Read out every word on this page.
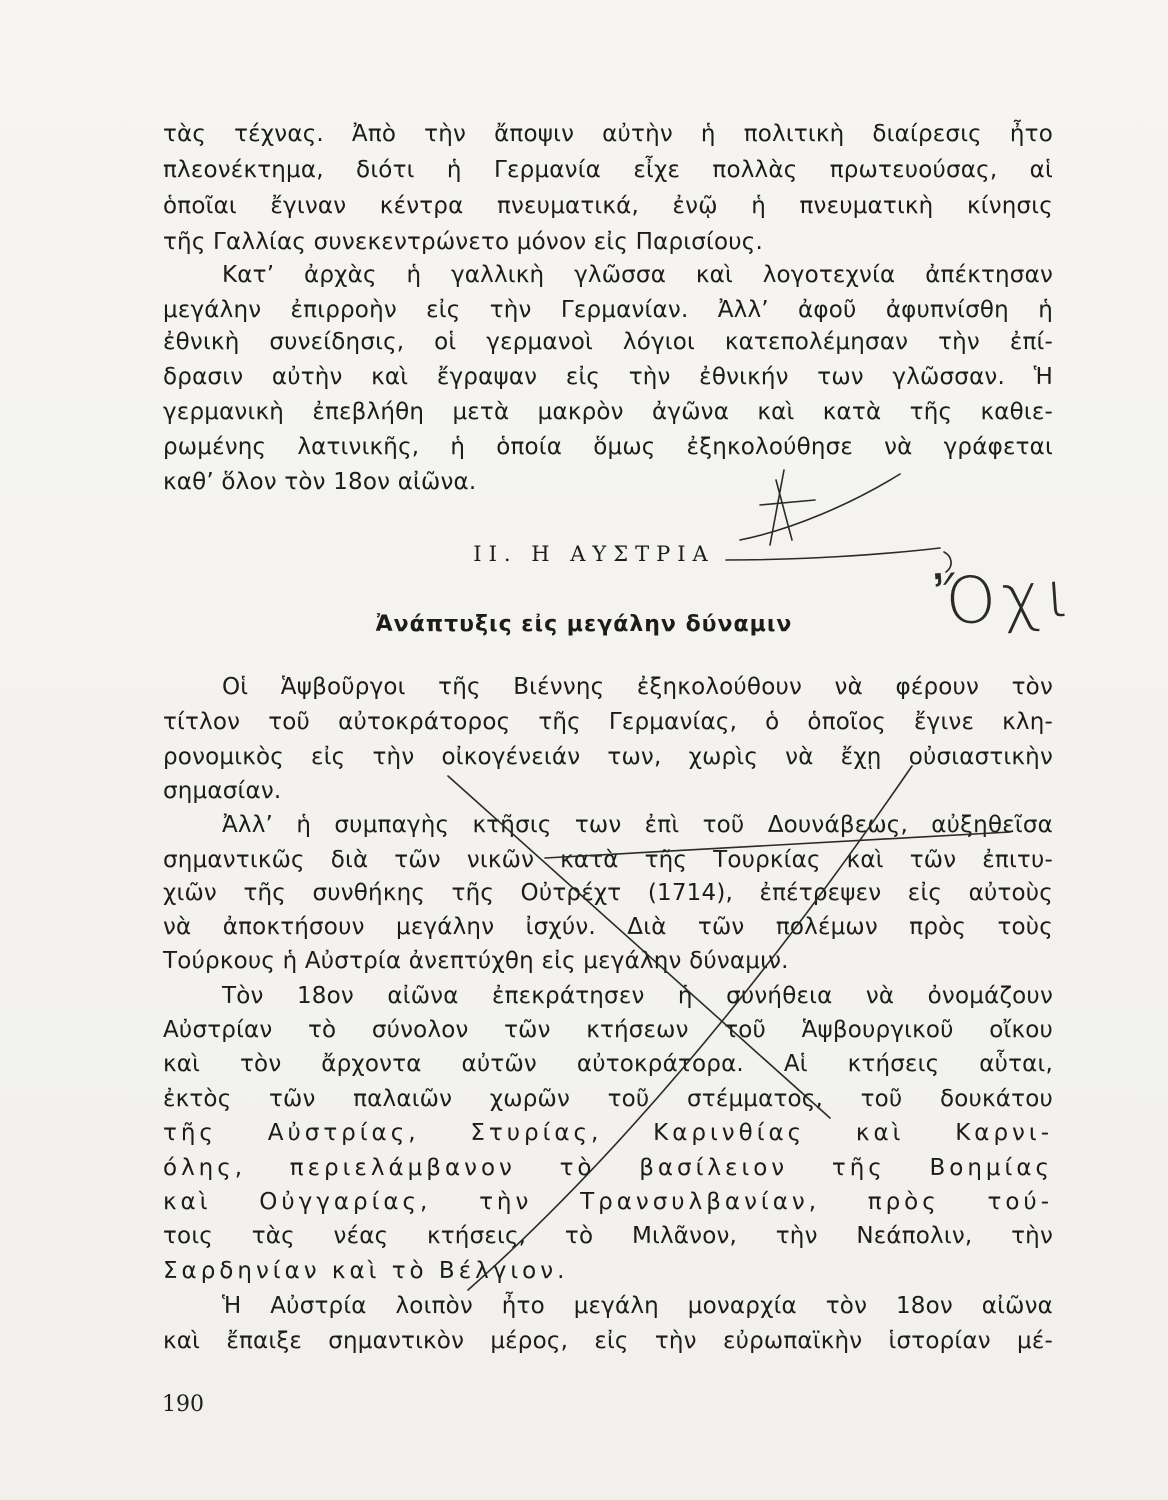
τὰς τέχνας. Ἀπὸ τὴν ἄποψιν αὐτὴν ἡ πολιτικὴ διαίρεσις ἦτο
πλεονέκτημα, διότι ἡ Γερμανία εἶχε πολλὰς πρωτευούσας, αἱ
ὁποῖαι ἔγιναν κέντρα πνευματικά, ἐνῷ ἡ πνευματικὴ κίνησις
τῆς Γαλλίας συνεκεντρώνετο μόνον εἰς Παρισίους.
Κατ’ ἀρχὰς ἡ γαλλικὴ γλῶσσα καὶ λογοτεχνία ἀπέκτησαν
μεγάλην ἐπιρροὴν εἰς τὴν Γερμανίαν. Ἀλλ’ ἀφοῦ ἀφυπνίσθη ἡ
ἐθνικὴ συνείδησις, οἱ γερμανοὶ λόγιοι κατεπολέμησαν τὴν ἐπί-
δρασιν αὐτὴν καὶ ἔγραψαν εἰς τὴν ἐθνικήν των γλῶσσαν. Ἡ
γερμανικὴ ἐπεβλήθη μετὰ μακρὸν ἀγῶνα καὶ κατὰ τῆς καθιε-
ρωμένης λατινικῆς, ἡ ὁποία ὅμως ἐξηκολούθησε νὰ γράφεται
καθ’ ὅλον τὸν 18ον αἰῶνα.
II. Η ΑΥΣΤΡΙΑ
Ἀνάπτυξις εἰς μεγάλην δύναμιν
Οἱ Ἁψβοῦργοι τῆς Βιέννης ἐξηκολούθουν νὰ φέρουν τὸν
τίτλον τοῦ αὐτοκράτορος τῆς Γερμανίας, ὁ ὁποῖος ἔγινε κλη-
ρονομικὸς εἰς τὴν οἰκογένειάν των, χωρὶς νὰ ἔχῃ οὐσιαστικὴν
σημασίαν.
Ἀλλ’ ἡ συμπαγὴς κτῆσις των ἐπὶ τοῦ Δουνάβεως, αὐξηθεῖσα
σημαντικῶς διὰ τῶν νικῶν κατὰ τῆς Τουρκίας καὶ τῶν ἐπιτυ-
χιῶν τῆς συνθήκης τῆς Οὐτρέχτ (1714), ἐπέτρεψεν εἰς αὐτοὺς
νὰ ἀποκτήσουν μεγάλην ἰσχύν. Διὰ τῶν πολέμων πρὸς τοὺς
Τούρκους ἡ Αὐστρία ἀνεπτύχθη εἰς μεγάλην δύναμιν.
Τὸν 18ον αἰῶνα ἐπεκράτησεν ἡ συνήθεια νὰ ὀνομάζουν
Αὐστρίαν τὸ σύνολον τῶν κτήσεων τοῦ Ἁψβουργικοῦ οἴκου
καὶ τὸν ἄρχοντα αὐτῶν αὐτοκράτορα. Αἱ κτήσεις αὗται,
ἐκτὸς τῶν παλαιῶν χωρῶν τοῦ στέμματος, τοῦ δουκάτου
τῆς Αὐστρίας, Στυρίας, Καρινθίας καὶ Καρνι-
όλης, περιελάμβανον τὸ βασίλειον τῆς Βοημίας
καὶ Οὐγγαρίας, τὴν Τρανσυλβανίαν, πρὸς τού-
τοις τὰς νέας κτήσεις, τὸ Μιλᾶνον, τὴν Νεάπολιν, τὴν
Σαρδηνίαν καὶ τὸ Βέλγιον.
Ἡ Αὐστρία λοιπὸν ἦτο μεγάλη μοναρχία τὸν 18ον αἰῶνα
καὶ ἔπαιξε σημαντικὸν μέρος, εἰς τὴν εὐρωπαϊκὴν ἱστορίαν μέ-
190
Ὄχι
